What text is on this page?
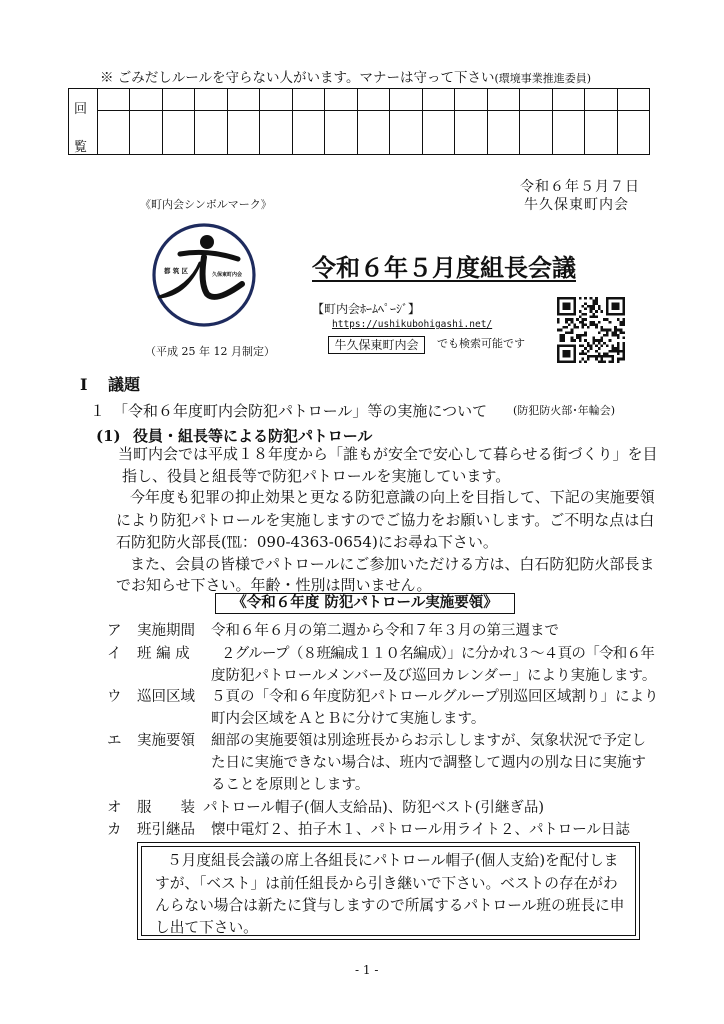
※ ごみだしルールを守らない人がいます。マナーは守って下さい(環境事業推進委員)
回
覧
令和６年５月７日
牛久保東町内会
《町内会シンボルマーク》
都 筑 区	久保東町内会
（平成 25 年 12 月制定）
令和６年５月度組長会議
【町内会ﾎｰﾑﾍﾟｰｼﾞ】
https://ushikubohigashi.net/
牛久保東町内会	でも検索可能です
Ⅰ 議題
１ 「令和６年度町内会防犯パトロール」等の実施について (防犯防火部･年輪会)
(1) 役員・組長等による防犯パトロール
当町内会では平成１８年度から「誰もが安全で安心して暮らせる街づくり」を目
指し、役員と組長等で防犯パトロールを実施しています。
今年度も犯罪の抑止効果と更なる防犯意識の向上を目指して、下記の実施要領
により防犯パトロールを実施しますのでご協力をお願いします。ご不明な点は白
石防犯防火部長(℡：090-4363-0654)にお尋ね下さい。
また、会員の皆様でパトロールにご参加いただける方は、白石防犯防火部長ま
でお知らせ下さい。年齢・性別は問いません。
《令和６年度 防犯パトロール実施要領》
ア 実施期間 令和６年６月の第二週から令和７年３月の第三週まで
イ 班 編 成	２グループ（８班編成１１０名編成）」に分かれ３～４頁の「令和６年
度防犯パトロールメンバー及び巡回カレンダー」により実施します。
ウ 巡回区域 ５頁の「令和６年度防犯パトロールグループ別巡回区域割り」により
町内会区域をＡとＢに分けて実施します。
エ 実施要領 細部の実施要領は別途班長からお示ししますが、気象状況で予定し
た日に実施できない場合は、班内で調整して週内の別な日に実施す
ることを原則とします。
オ 服　　装 パトロール帽子(個人支給品)、防犯ベスト(引継ぎ品)
カ 班引継品 懐中電灯２、拍子木１、パトロール用ライト２、パトロール日誌
５月度組長会議の席上各組長にパトロール帽子(個人支給)を配付しま
すが、「ベスト」は前任組長から引き継いで下さい。ベストの存在がわ
んらない場合は新たに貸与しますので所属するパトロール班の班長に申
し出て下さい。
- 1 -
